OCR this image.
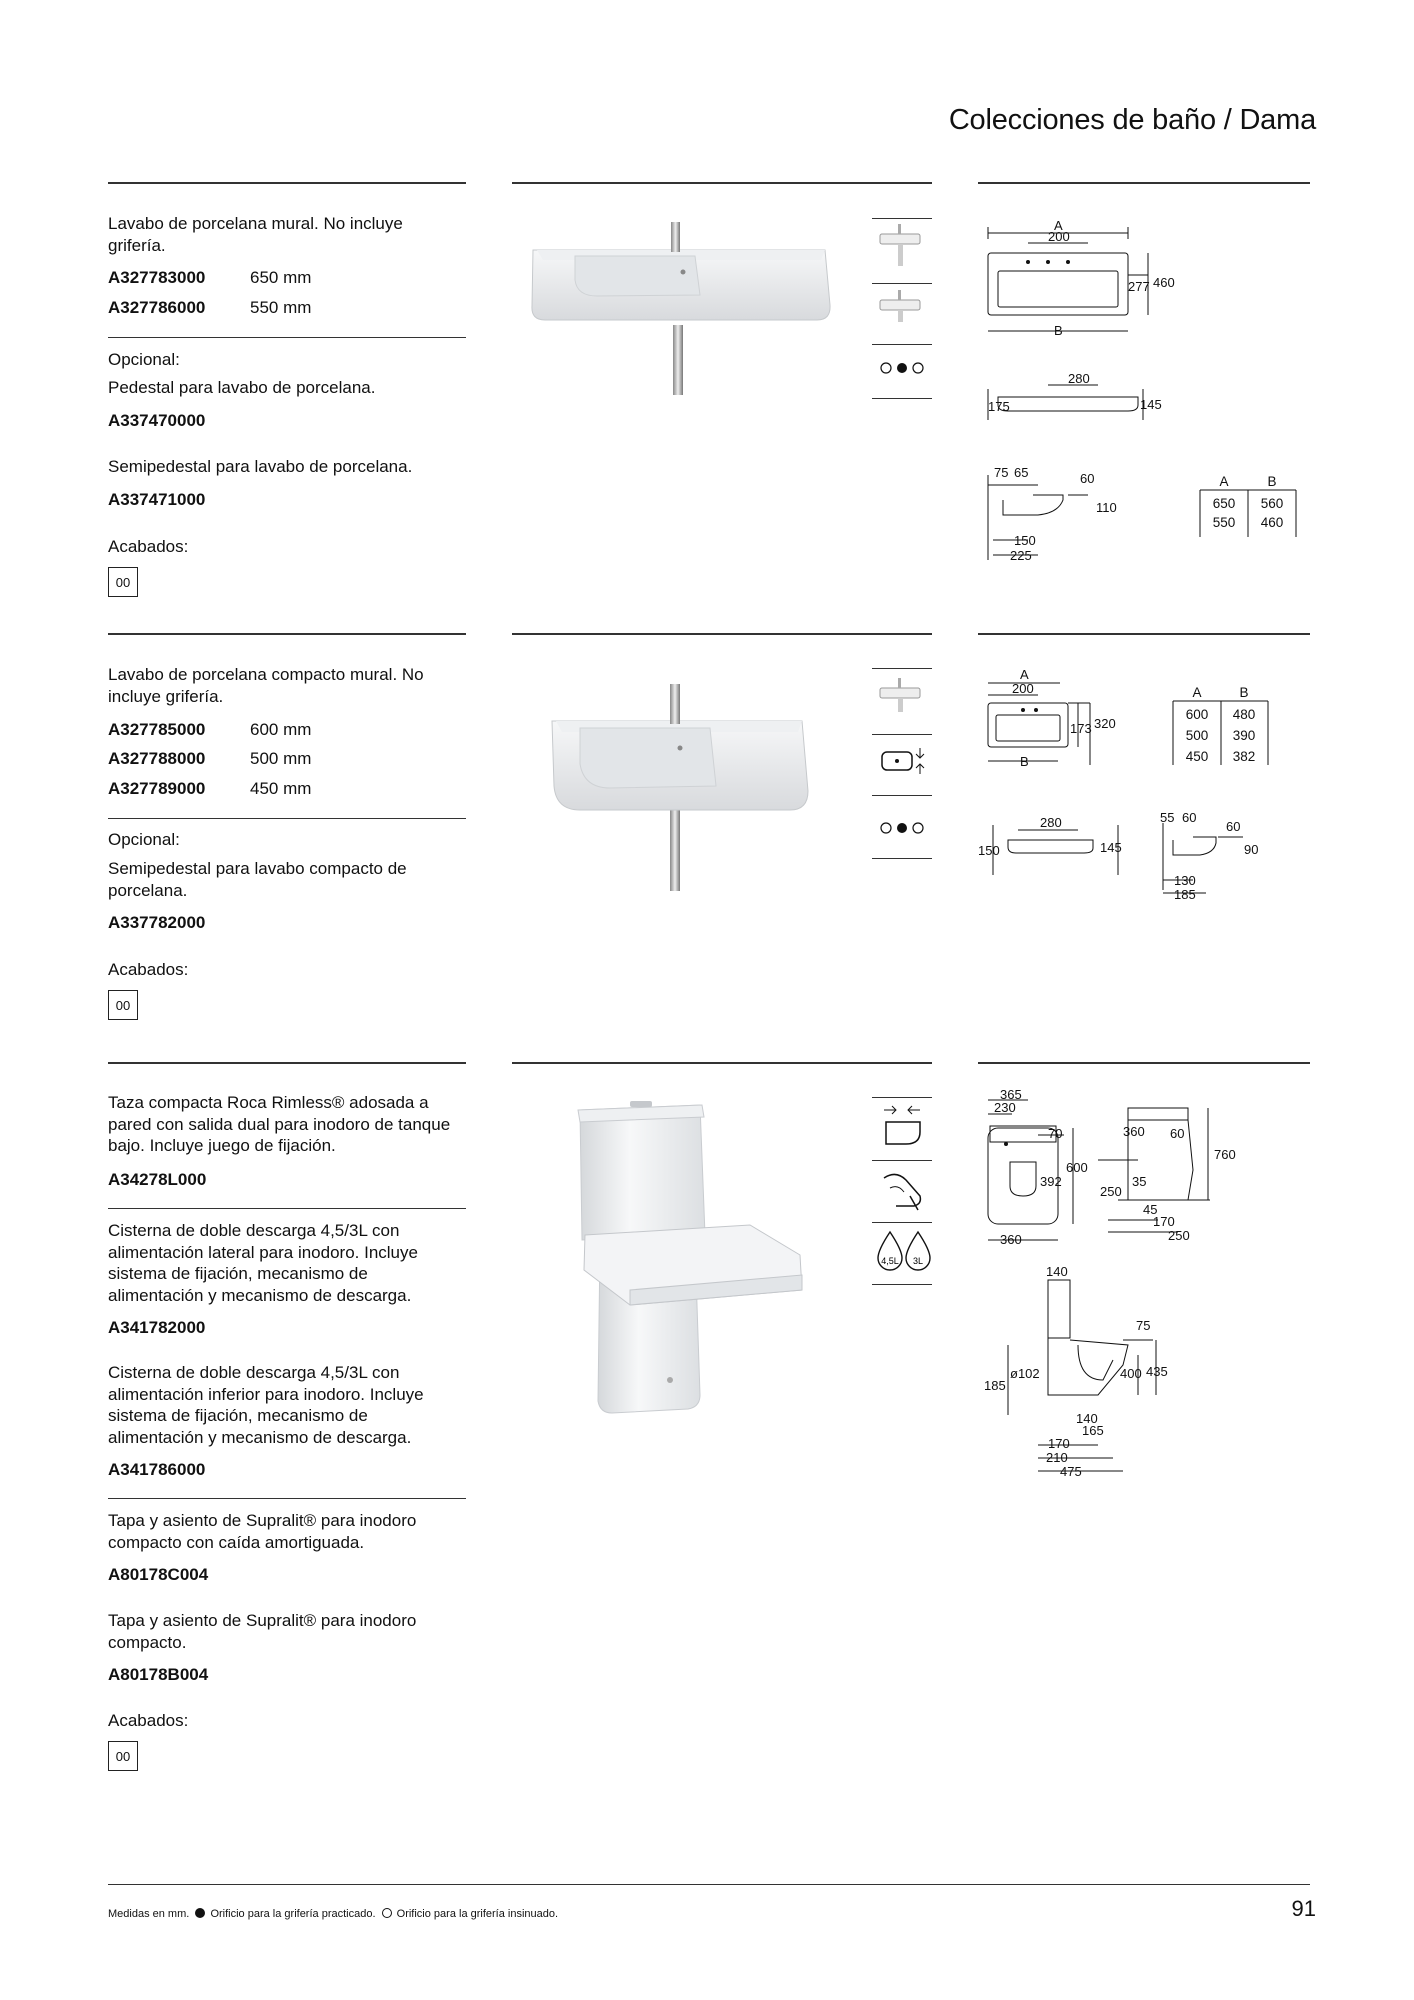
Colecciones de baño / Dama
Lavabo de porcelana mural. No incluye grifería.
A327783000	650 mm
A327786000	550 mm
Opcional:
Pedestal para lavabo de porcelana.
A337470000
Semipedestal para lavabo de porcelana.
A337471000
Acabados:
00
A
200
277 460
B
280
175	145
75 65	60
110
150
225
A	B
650 560
550 460
Lavabo de porcelana compacto mural. No incluye grifería.
A327785000	600 mm
A327788000	500 mm
A327789000	450 mm
Opcional:
Semipedestal para lavabo compacto de porcelana.
A337782000
Acabados:
00
A
200
173 320
B
280
150	145
55 60
60
90
130
185
A	B
600 480
500 390
450 382
Taza compacta Roca Rimless® adosada a pared con salida dual para inodoro de tanque bajo. Incluye juego de fijación.
A34278L000
Cisterna de doble descarga 4,5/3L con alimentación lateral para inodoro. Incluye sistema de fijación, mecanismo de alimentación y mecanismo de descarga.
A341782000
Cisterna de doble descarga 4,5/3L con alimentación inferior para inodoro. Incluye sistema de fijación, mecanismo de alimentación y mecanismo de descarga.
A341786000
Tapa y asiento de Supralit® para inodoro compacto con caída amortiguada.
A80178C004
Tapa y asiento de Supralit® para inodoro compacto.
A80178B004
Acabados:
00
4,5L 3L
365
230
70
600
392
360
360 60
760
250
35
45
170
250
140
75
ø102	400 435
185
140
165
170
210
475
Medidas en mm. Orificio para la grifería practicado. Orificio para la grifería insinuado.	91
